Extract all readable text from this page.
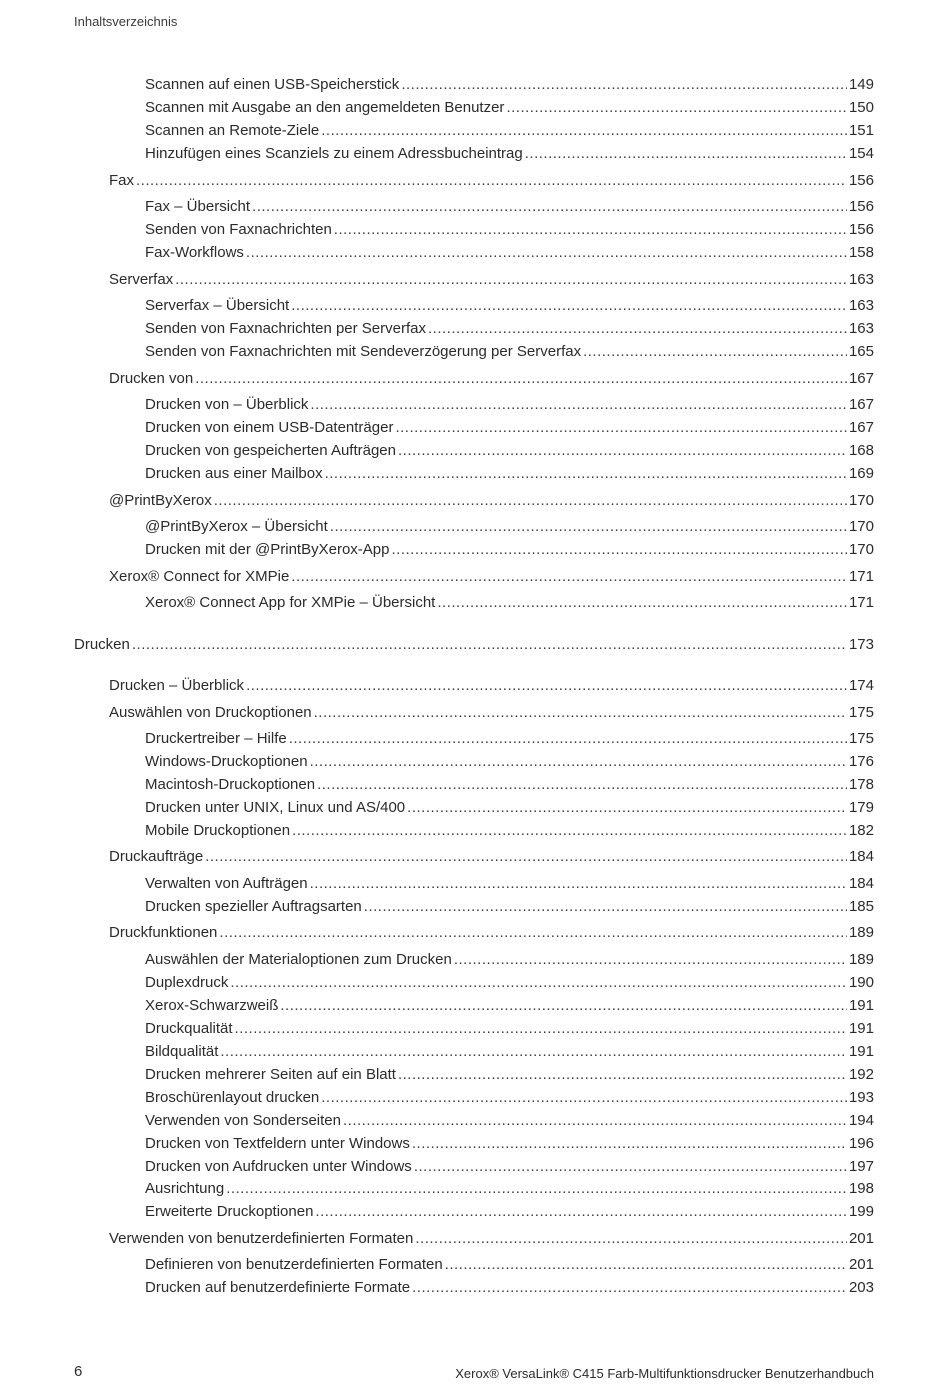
Inhaltsverzeichnis
Scannen auf einen USB-Speicherstick .....	149
Scannen mit Ausgabe an den angemeldeten Benutzer .....	150
Scannen an Remote-Ziele .....	151
Hinzufügen eines Scanziels zu einem Adressbucheintrag .....	154
Fax .....	156
Fax – Übersicht .....	156
Senden von Faxnachrichten .....	156
Fax-Workflows .....	158
Serverfax .....	163
Serverfax – Übersicht .....	163
Senden von Faxnachrichten per Serverfax .....	163
Senden von Faxnachrichten mit Sendeverzögerung per Serverfax .....	165
Drucken von .....	167
Drucken von – Überblick .....	167
Drucken von einem USB-Datenträger .....	167
Drucken von gespeicherten Aufträgen .....	168
Drucken aus einer Mailbox .....	169
@PrintByXerox .....	170
@PrintByXerox – Übersicht .....	170
Drucken mit der @PrintByXerox-App .....	170
Xerox® Connect for XMPie .....	171
Xerox® Connect App for XMPie – Übersicht .....	171
Drucken .....	173
Drucken – Überblick .....	174
Auswählen von Druckoptionen .....	175
Druckertreiber – Hilfe .....	175
Windows-Druckoptionen .....	176
Macintosh-Druckoptionen .....	178
Drucken unter UNIX, Linux und AS/400 .....	179
Mobile Druckoptionen .....	182
Druckaufträge .....	184
Verwalten von Aufträgen .....	184
Drucken spezieller Auftragsarten .....	185
Druckfunktionen .....	189
Auswählen der Materialoptionen zum Drucken .....	189
Duplexdruck .....	190
Xerox-Schwarzweiß .....	191
Druckqualität .....	191
Bildqualität .....	191
Drucken mehrerer Seiten auf ein Blatt .....	192
Broschürenlayout drucken .....	193
Verwenden von Sonderseiten .....	194
Drucken von Textfeldern unter Windows .....	196
Drucken von Aufdrucken unter Windows .....	197
Ausrichtung .....	198
Erweiterte Druckoptionen .....	199
Verwenden von benutzerdefinierten Formaten .....	201
Definieren von benutzerdefinierten Formaten .....	201
Drucken auf benutzerdefinierte Formate .....	203
6	Xerox® VersaLink® C415 Farb-Multifunktionsdrucker Benutzerhandbuch
